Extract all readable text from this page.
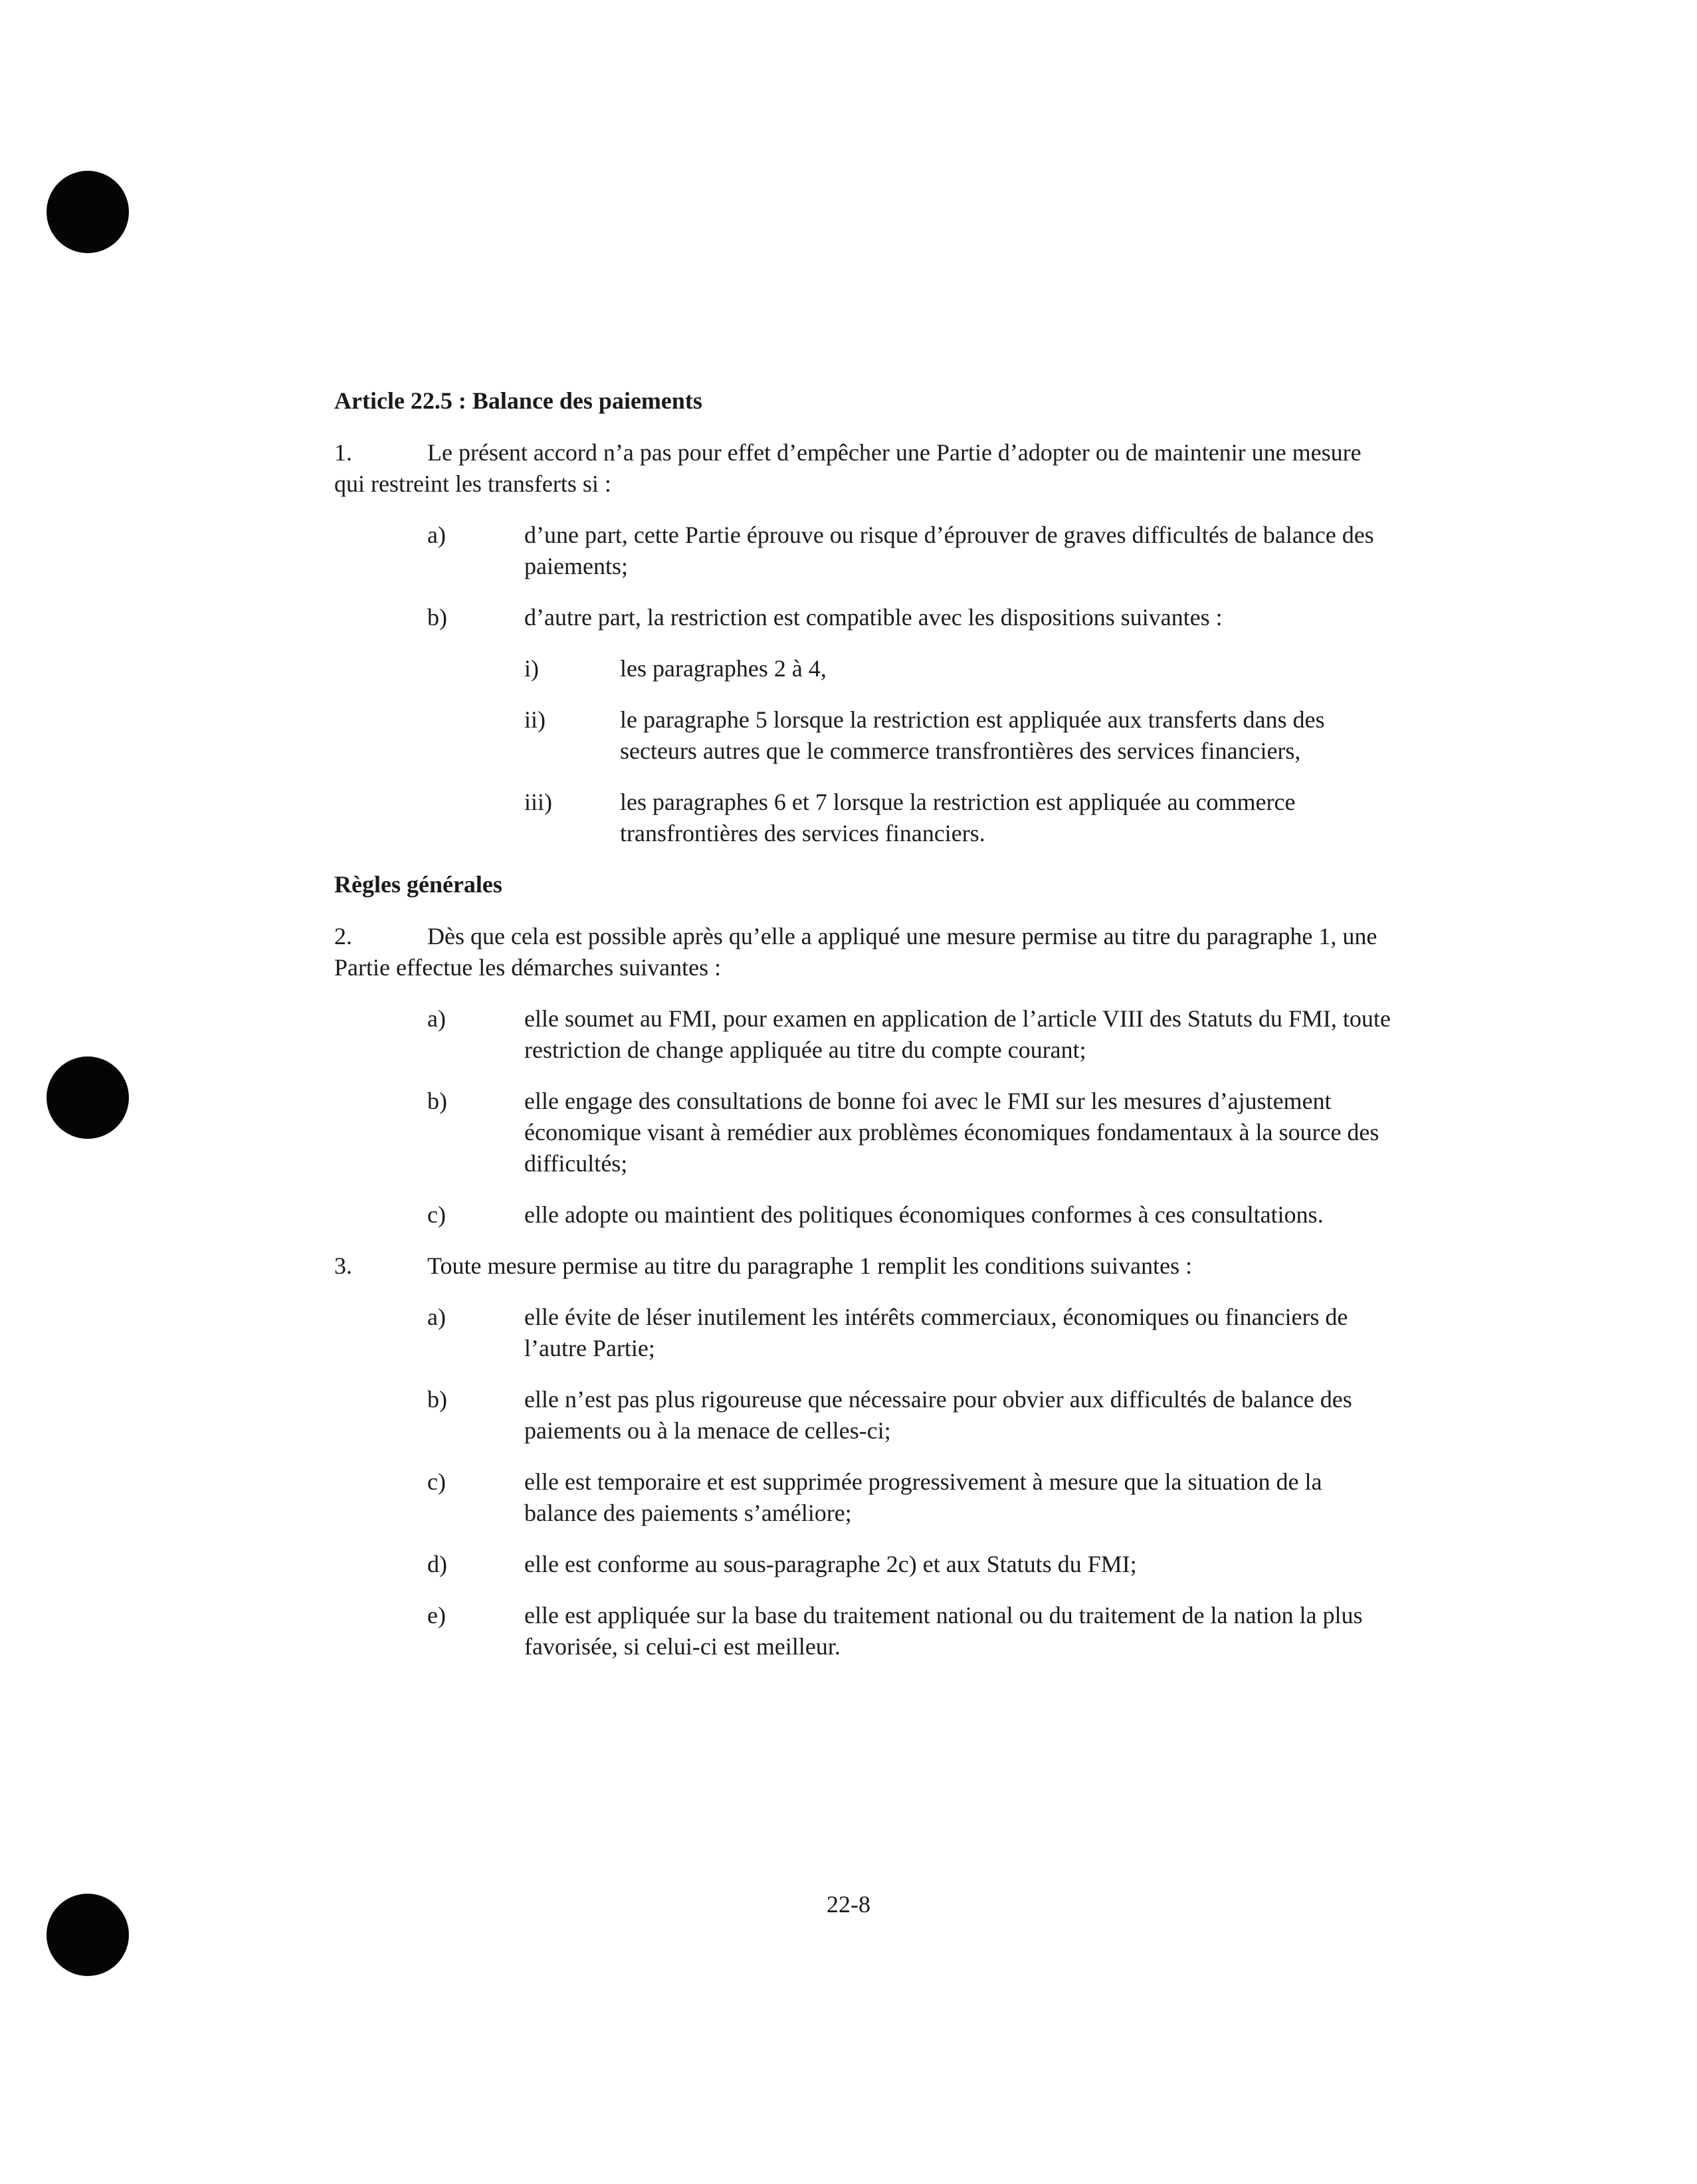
Article 22.5 : Balance des paiements
1.	Le présent accord n’a pas pour effet d’empêcher une Partie d’adopter ou de maintenir une mesure qui restreint les transferts si :
a)	d’une part, cette Partie éprouve ou risque d’éprouver de graves difficultés de balance des paiements;
b)	d’autre part, la restriction est compatible avec les dispositions suivantes :
i)	les paragraphes 2 à 4,
ii)	le paragraphe 5 lorsque la restriction est appliquée aux transferts dans des secteurs autres que le commerce transfrontières des services financiers,
iii)	les paragraphes 6 et 7 lorsque la restriction est appliquée au commerce transfrontières des services financiers.
Règles générales
2.	Dès que cela est possible après qu’elle a appliqué une mesure permise au titre du paragraphe 1, une Partie effectue les démarches suivantes :
a)	elle soumet au FMI, pour examen en application de l’article VIII des Statuts du FMI, toute restriction de change appliquée au titre du compte courant;
b)	elle engage des consultations de bonne foi avec le FMI sur les mesures d’ajustement économique visant à remédier aux problèmes économiques fondamentaux à la source des difficultés;
c)	elle adopte ou maintient des politiques économiques conformes à ces consultations.
3.	Toute mesure permise au titre du paragraphe 1 remplit les conditions suivantes :
a)	elle évite de léser inutilement les intérêts commerciaux, économiques ou financiers de l’autre Partie;
b)	elle n’est pas plus rigoureuse que nécessaire pour obvier aux difficultés de balance des paiements ou à la menace de celles-ci;
c)	elle est temporaire et est supprimée progressivement à mesure que la situation de la balance des paiements s’améliore;
d)	elle est conforme au sous-paragraphe 2c) et aux Statuts du FMI;
e)	elle est appliquée sur la base du traitement national ou du traitement de la nation la plus favorisée, si celui-ci est meilleur.
22-8
